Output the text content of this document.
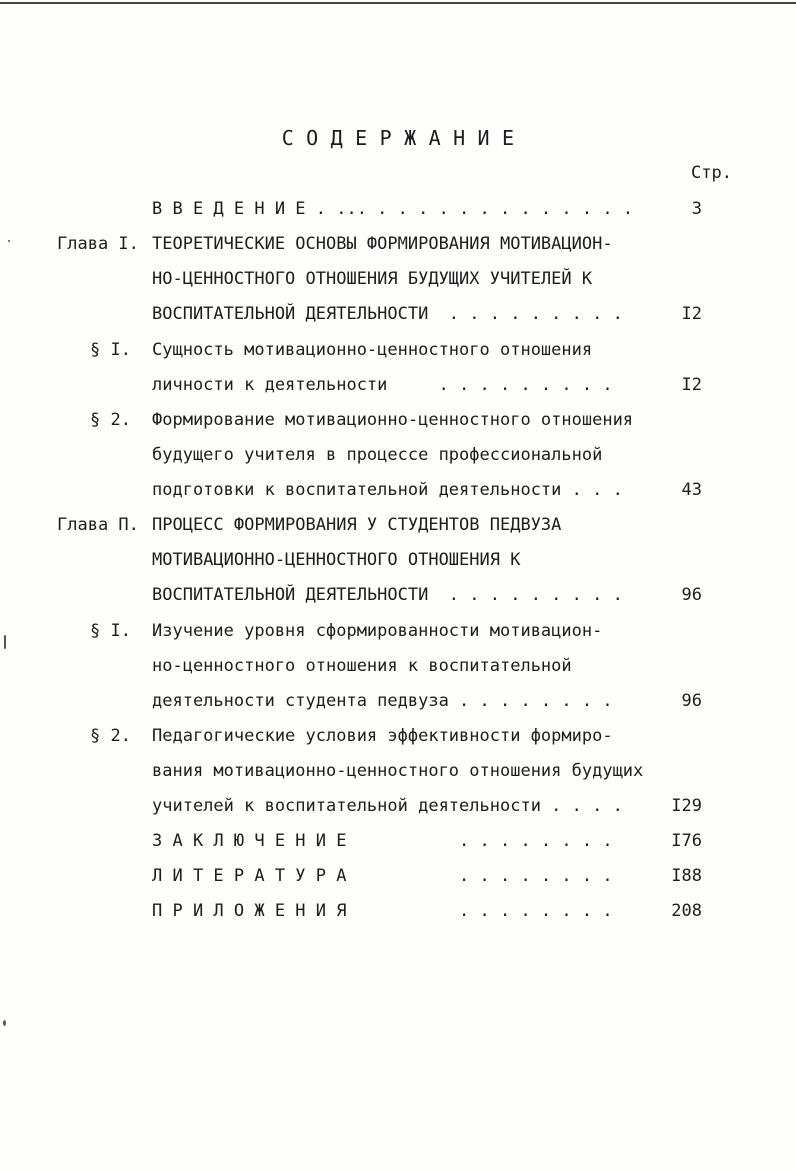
С О Д Е Р Ж А Н И Е
Стр.
В В Е Д Е Н И Е . ... . . . . . . . . . . . . .	3
Глава I. ТЕОРЕТИЧЕСКИЕ ОСНОВЫ ФОРМИРОВАНИЯ МОТИВАЦИОН-
НО-ЦЕННОСТНОГО ОТНОШЕНИЯ БУДУЩИХ УЧИТЕЛЕЙ К
ВОСПИТАТЕЛЬНОЙ ДЕЯТЕЛЬНОСТИ  . . . . . . . . .	I2
§ I. Сущность мотивационно-ценностного отношения
личности к деятельности     . . . . . . . . .	I2
§ 2. Формирование мотивационно-ценностного отношения
будущего учителя в процессе профессиональной
подготовки к воспитательной деятельности . . .	43
Глава П. ПРОЦЕСС ФОРМИРОВАНИЯ У СТУДЕНТОВ ПЕДВУЗА
МОТИВАЦИОННО-ЦЕННОСТНОГО ОТНОШЕНИЯ К
ВОСПИТАТЕЛЬНОЙ ДЕЯТЕЛЬНОСТИ  . . . . . . . . .	96
§ I. Изучение уровня сформированности мотивацион-
но-ценностного отношения к воспитательной
деятельности студента педвуза . . . . . . . .	96
§ 2. Педагогические условия эффективности формиро-
вания мотивационно-ценностного отношения будущих
учителей к воспитательной деятельности . . . .	I29
З А К Л Ю Ч Е Н И Е           . . . . . . . .	I76
Л И Т Е Р А Т У Р А           . . . . . . . .	I88
П Р И Л О Ж Е Н И Я           . . . . . . . .	208
